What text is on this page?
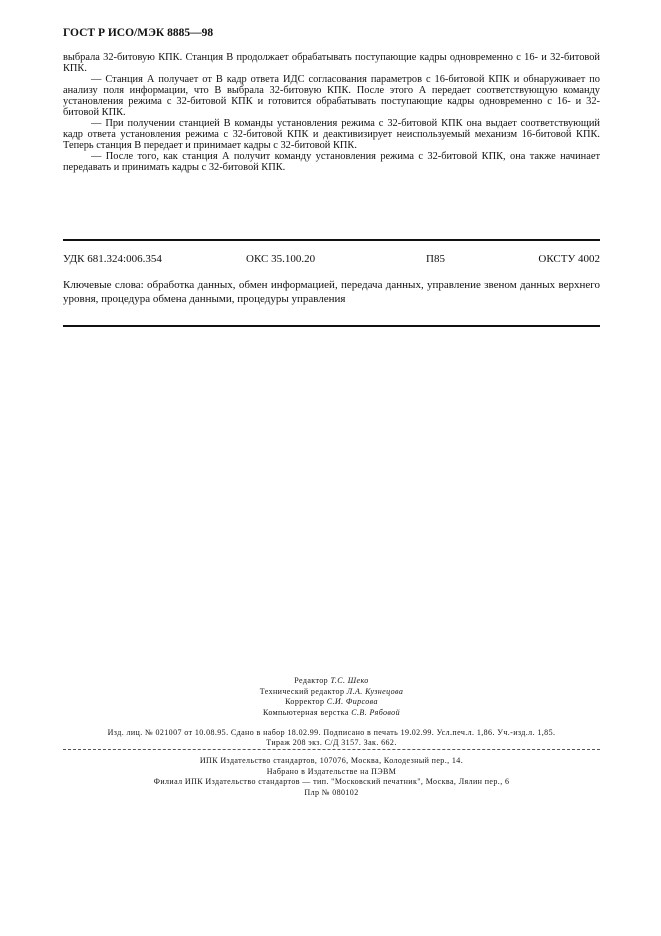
ГОСТ Р ИСО/МЭК 8885—98

выбрала 32-битовую КПК. Станция В продолжает обрабатывать поступающие кадры одновременно с 16- и 32-битовой КПК.

— Станция А получает от В кадр ответа ИДС согласования параметров с 16-битовой КПК и обнаруживает по анализу поля информации, что В выбрала 32-битовую КПК. После этого А передает соответствующую команду установления режима с 32-битовой КПК и готовится обрабатывать поступающие кадры одновременно с 16- и 32-битовой КПК.

— При получении станцией В команды установления режима с 32-битовой КПК она выдает соответствующий кадр ответа установления режима с 32-битовой КПК и деактивизирует неиспользуемый механизм 16-битовой КПК. Теперь станция В передает и принимает кадры с 32-битовой КПК.

— После того, как станция А получит команду установления режима с 32-битовой КПК, она также начинает передавать и принимать кадры с 32-битовой КПК.

УДК 681.324:006.354	ОКС 35.100.20	П85	ОКСТУ 4002
Ключевые слова: обработка данных, обмен информацией, передача данных, управление звеном данных верхнего уровня, процедура обмена данными, процедуры управления
Редактор Т.С. Шеко
Технический редактор Л.А. Кузнецова
Корректор С.И. Фирсова
Компьютерная верстка С.В. Рябовой
Изд. лиц. № 021007 от 10.08.95. Сдано в набор 18.02.99. Подписано в печать 19.02.99. Усл.печ.л. 1,86. Уч.-изд.л. 1,85.
Тираж 208 экз. С/Д 3157. Зак. 662.
ИПК Издательство стандартов, 107076, Москва, Колодезный пер., 14.
Набрано в Издательстве на ПЭВМ
Филиал ИПК Издательство стандартов — тип. "Московский печатник", Москва, Лялин пер., 6
Плр № 080102
